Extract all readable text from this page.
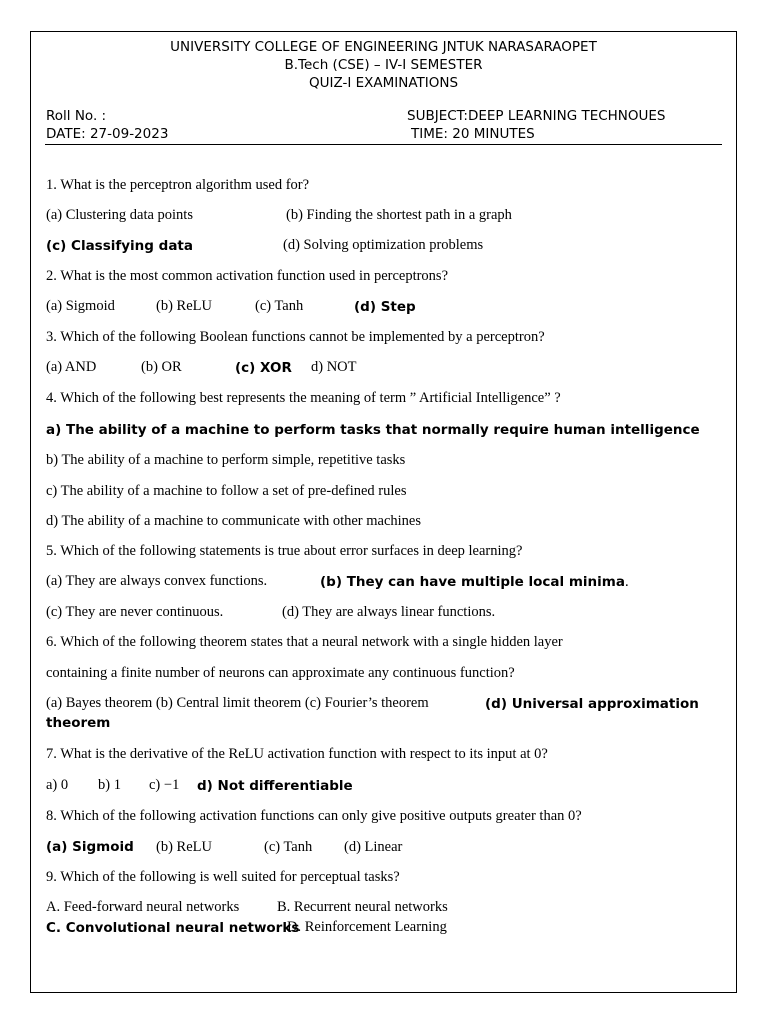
UNIVERSITY COLLEGE OF ENGINEERING JNTUK NARASARAOPET
B.Tech (CSE) – IV-I SEMESTER
QUIZ-I EXAMINATIONS
Roll No. :
DATE: 27-09-2023
SUBJECT:DEEP LEARNING TECHNOUES
TIME: 20 MINUTES
1. What is the perceptron algorithm used for?
(a) Clustering data points	(b) Finding the shortest path in a graph
(c) Classifying data	(d) Solving optimization problems
2. What is the most common activation function used in perceptrons?
(a) Sigmoid	(b) ReLU	(c) Tanh	(d) Step
3. Which of the following Boolean functions cannot be implemented by a perceptron?
(a) AND	(b) OR	(c) XOR d) NOT
4. Which of the following best represents the meaning of term ” Artificial Intelligence” ?
a) The ability of a machine to perform tasks that normally require human intelligence
b) The ability of a machine to perform simple, repetitive tasks
c) The ability of a machine to follow a set of pre-defined rules
d) The ability of a machine to communicate with other machines
5. Which of the following statements is true about error surfaces in deep learning?
(a) They are always convex functions.	(b) They can have multiple local minima.
(c) They are never continuous.	(d) They are always linear functions.
6. Which of the following theorem states that a neural network with a single hidden layer
containing a finite number of neurons can approximate any continuous function?
(a) Bayes theorem (b) Central limit theorem (c) Fourier’s theorem	(d) Universal approximation
theorem
7. What is the derivative of the ReLU activation function with respect to its input at 0?
a) 0 b) 1 c) −1 d) Not differentiable
8. Which of the following activation functions can only give positive outputs greater than 0?
(a) Sigmoid (b) ReLU	(c) Tanh (d) Linear
9. Which of the following is well suited for perceptual tasks?
A. Feed-forward neural networks	B. Recurrent neural networks
C. Convolutional neural networks
D. Reinforcement Learning
